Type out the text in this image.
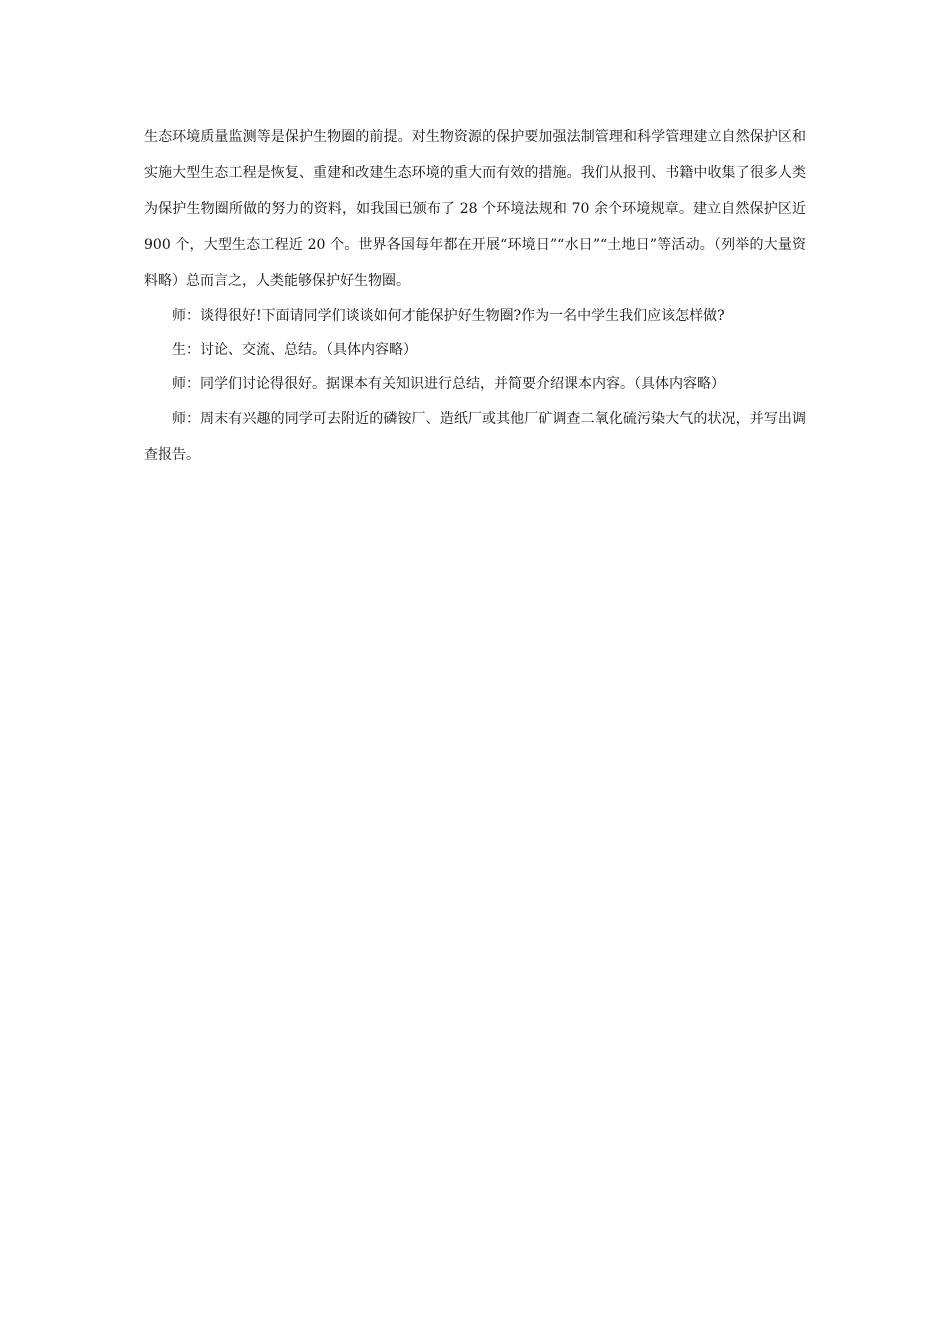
生态环境质量监测等是保护生物圈的前提。对生物资源的保护要加强法制管理和科学管理建立自然保护区和实施大型生态工程是恢复、重建和改建生态环境的重大而有效的措施。我们从报刊、书籍中收集了很多人类为保护生物圈所做的努力的资料，如我国已颁布了 28 个环境法规和 70 余个环境规章。建立自然保护区近 900 个，大型生态工程近 20 个。世界各国每年都在开展“环境日”“水日”“土地日”等活动。（列举的大量资料略）总而言之，人类能够保护好生物圈。

师：谈得很好!下面请同学们谈谈如何才能保护好生物圈?作为一名中学生我们应该怎样做?

生：讨论、交流、总结。（具体内容略）

师：同学们讨论得很好。据课本有关知识进行总结，并简要介绍课本内容。（具体内容略）

师：周末有兴趣的同学可去附近的磷铵厂、造纸厂或其他厂矿调查二氧化硫污染大气的状况，并写出调查报告。
